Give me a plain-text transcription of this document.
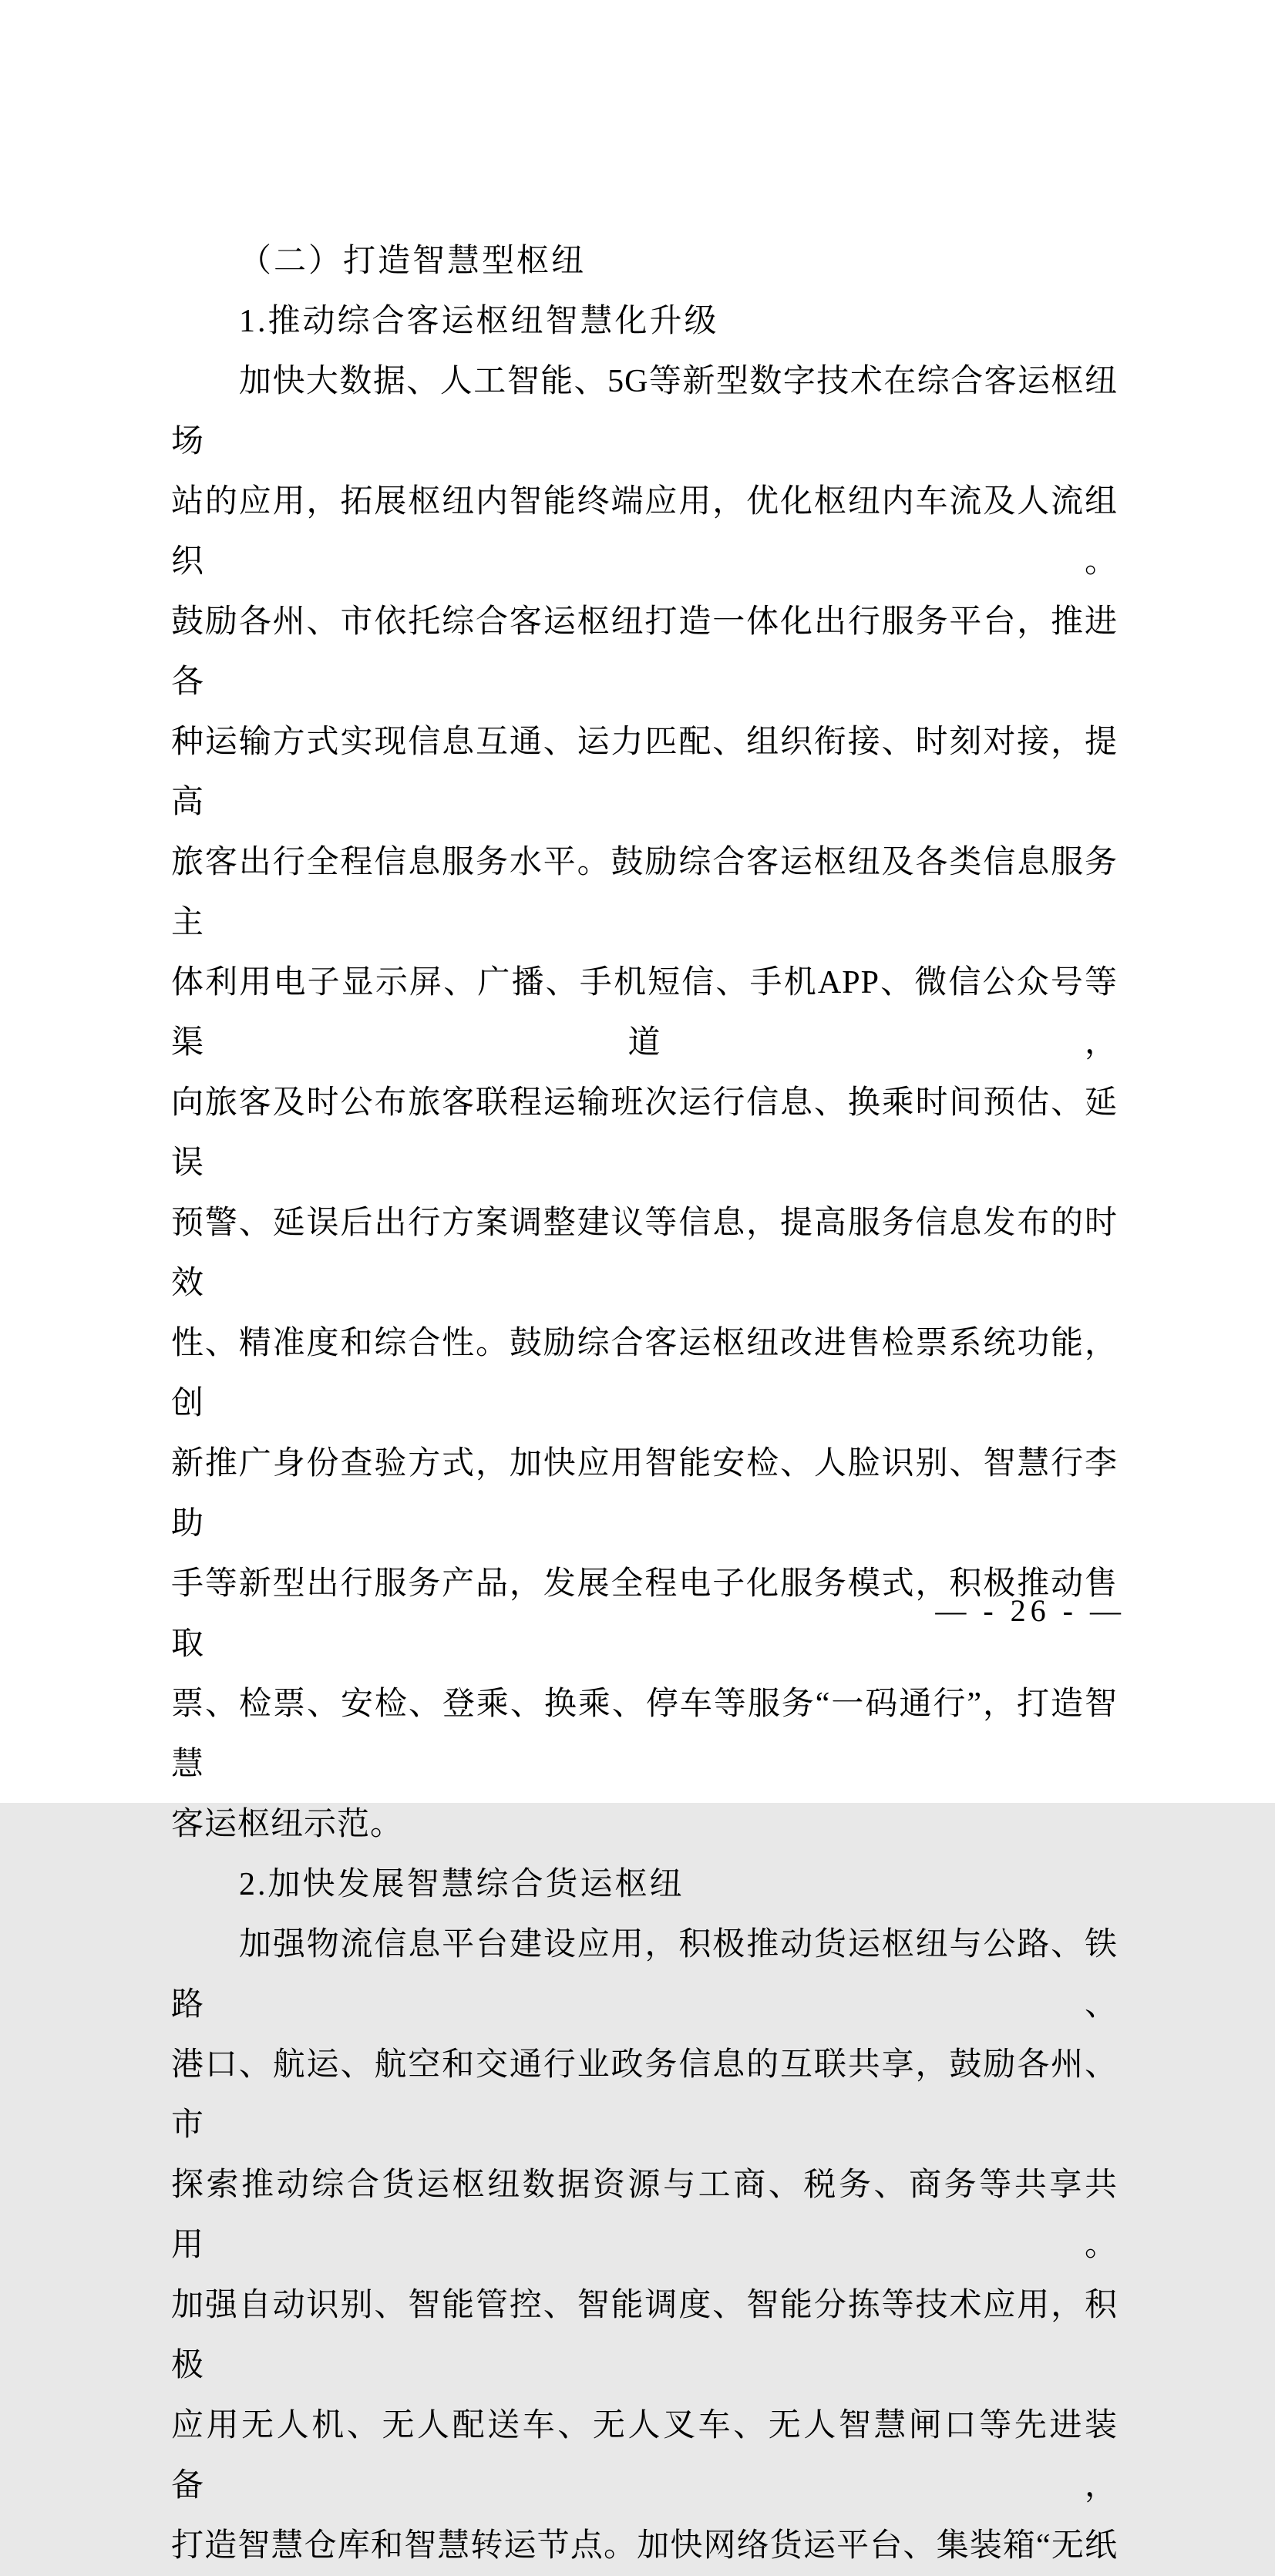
（二）打造智慧型枢纽
1.推动综合客运枢纽智慧化升级
加快大数据、人工智能、5G等新型数字技术在综合客运枢纽场
站的应用，拓展枢纽内智能终端应用，优化枢纽内车流及人流组织。
鼓励各州、市依托综合客运枢纽打造一体化出行服务平台，推进各
种运输方式实现信息互通、运力匹配、组织衔接、时刻对接，提高
旅客出行全程信息服务水平。鼓励综合客运枢纽及各类信息服务主
体利用电子显示屏、广播、手机短信、手机APP、微信公众号等渠道，
向旅客及时公布旅客联程运输班次运行信息、换乘时间预估、延误
预警、延误后出行方案调整建议等信息，提高服务信息发布的时效
性、精准度和综合性。鼓励综合客运枢纽改进售检票系统功能，创
新推广身份查验方式，加快应用智能安检、人脸识别、智慧行李助
手等新型出行服务产品，发展全程电子化服务模式，积极推动售取
票、检票、安检、登乘、换乘、停车等服务“一码通行”，打造智慧
客运枢纽示范。
2.加快发展智慧综合货运枢纽
加强物流信息平台建设应用，积极推动货运枢纽与公路、铁路、
港口、航运、航空和交通行业政务信息的互联共享，鼓励各州、市
探索推动综合货运枢纽数据资源与工商、税务、商务等共享共用。
加强自动识别、智能管控、智能调度、智能分拣等技术应用，积极
应用无人机、无人配送车、无人叉车、无人智慧闸口等先进装备，
打造智慧仓库和智慧转运节点。加快网络货运平台、集装箱“无纸
— - 26 - —
